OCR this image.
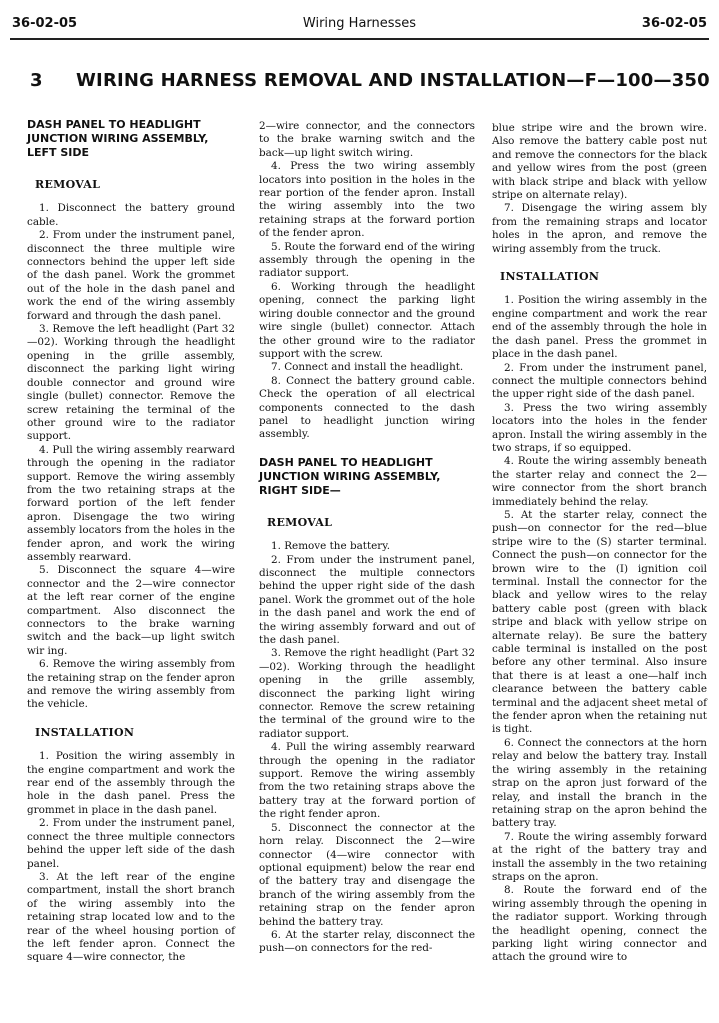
36-02-05	Wiring Harnesses	36-02-05
3 WIRING HARNESS REMOVAL AND INSTALLATION—F—100—350
DASH PANEL TO HEADLIGHT JUNCTION WIRING ASSEMBLY, LEFT SIDE
REMOVAL

1. Disconnect the battery ground cable.

2. From under the instrument panel, disconnect the three multiple wire connectors behind the upper left side of the dash panel. Work the grommet out of the hole in the dash panel and work the end of the wiring assembly forward and through the dash panel.

3. Remove the left headlight (Part 32—02). Working through the headlight opening in the grille assembly, disconnect the parking light wiring double connector and ground wire single (bullet) connector. Remove the screw retaining the terminal of the other ground wire to the radiator support.

4. Pull the wiring assembly rearward through the opening in the radiator support. Remove the wiring assembly from the two retaining straps at the forward portion of the left fender apron. Disengage the two wiring assembly locators from the holes in the fender apron, and work the wiring assembly rearward.

5. Disconnect the square 4—wire connector and the 2—wire connector at the left rear corner of the engine compartment. Also disconnect the connectors to the brake warning switch and the back—up light switch wir ing.

6. Remove the wiring assembly from the retaining strap on the fender apron and remove the wiring assembly from the vehicle.

INSTALLATION

1. Position the wiring assembly in the engine compartment and work the rear end of the assembly through the hole in the dash panel. Press the grommet in place in the dash panel.

2. From under the instrument panel, connect the three multiple connectors behind the upper left side of the dash panel.

3. At the left rear of the engine compartment, install the short branch of the wiring assembly into the retaining strap located low and to the rear of the wheel housing portion of the left fender apron. Connect the square 4—wire connector, the

2—wire connector, and the connectors to the brake warning switch and the back—up light switch wiring.

4. Press the two wiring assembly locators into position in the holes in the rear portion of the fender apron. Install the wiring assembly into the two retaining straps at the forward portion of the fender apron.

5. Route the forward end of the wiring assembly through the opening in the radiator support.

6. Working through the headlight opening, connect the parking light wiring double connector and the ground wire single (bullet) connector. Attach the other ground wire to the radiator support with the screw.

7. Connect and install the headlight.

8. Connect the battery ground cable. Check the operation of all electrical components connected to the dash panel to headlight junction wiring assembly.

DASH PANEL TO HEADLIGHT JUNCTION WIRING ASSEMBLY, RIGHT SIDE—
REMOVAL

1. Remove the battery.

2. From under the instrument panel, disconnect the multiple connectors behind the upper right side of the dash panel. Work the grommet out of the hole in the dash panel and work the end of the wiring assembly forward and out of the dash panel.

3. Remove the right headlight (Part 32—02). Working through the headlight opening in the grille assembly, disconnect the parking light wiring connector. Remove the screw retaining the terminal of the ground wire to the radiator support.

4. Pull the wiring assembly rearward through the opening in the radiator support. Remove the wiring assembly from the two retaining straps above the battery tray at the forward portion of the right fender apron.

5. Disconnect the connector at the horn relay. Disconnect the 2—wire connector (4—wire connector with optional equipment) below the rear end of the battery tray and disengage the branch of the wiring assembly from the retaining strap on the fender apron behind the battery tray.

6. At the starter relay, disconnect the push—on connectors for the red-

blue stripe wire and the brown wire. Also remove the battery cable post nut and remove the connectors for the black and yellow wires from the post (green with black stripe and black with yellow stripe on alternate relay).

7. Disengage the wiring assem bly from the remaining straps and locator holes in the apron, and remove the wiring assembly from the truck.

INSTALLATION

1. Position the wiring assembly in the engine compartment and work the rear end of the assembly through the hole in the dash panel. Press the grommet in place in the dash panel.

2. From under the instrument panel, connect the multiple connectors behind the upper right side of the dash panel.

3. Press the two wiring assembly locators into the holes in the fender apron. Install the wiring assembly in the two straps, if so equipped.

4. Route the wiring assembly beneath the starter relay and connect the 2—wire connector from the short branch immediately behind the relay.

5. At the starter relay, connect the push—on connector for the red—blue stripe wire to the (S) starter terminal. Connect the push—on connector for the brown wire to the (I) ignition coil terminal. Install the connector for the black and yellow wires to the relay battery cable post (green with black stripe and black with yellow stripe on alternate relay). Be sure the battery cable terminal is installed on the post before any other terminal. Also insure that there is at least a one—half inch clearance between the battery cable terminal and the adjacent sheet metal of the fender apron when the retaining nut is tight.

6. Connect the connectors at the horn relay and below the battery tray. Install the wiring assembly in the retaining strap on the apron just forward of the relay, and install the branch in the retaining strap on the apron behind the battery tray.

7. Route the wiring assembly forward at the right of the battery tray and install the assembly in the two retaining straps on the apron.

8. Route the forward end of the wiring assembly through the opening in the radiator support. Working through the headlight opening, connect the parking light wiring connector and attach the ground wire to
